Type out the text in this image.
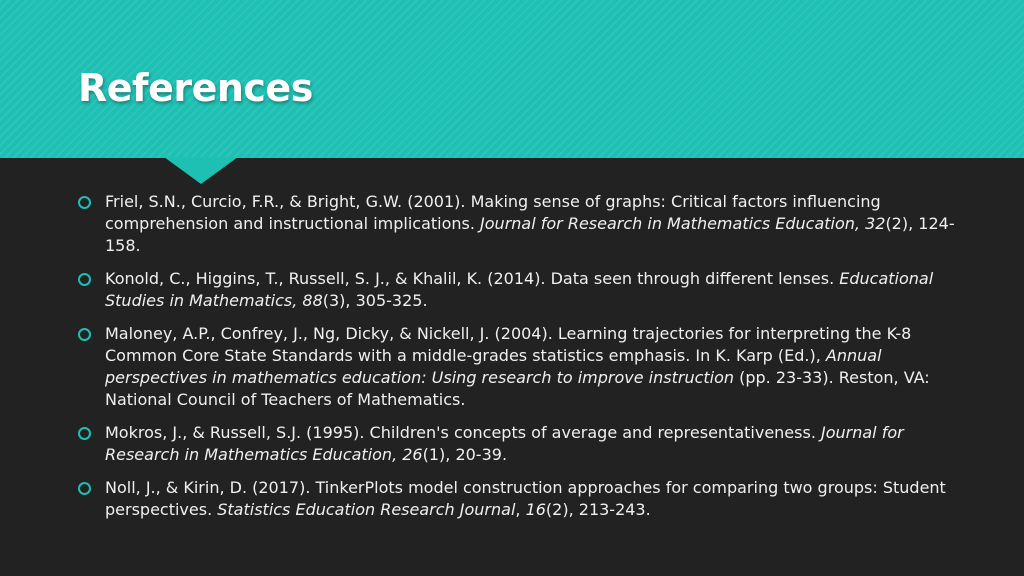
References
Friel, S.N., Curcio, F.R., & Bright, G.W. (2001). Making sense of graphs: Critical factors influencing comprehension and instructional implications. Journal for Research in Mathematics Education, 32(2), 124-158.
Konold, C., Higgins, T., Russell, S. J., & Khalil, K. (2014). Data seen through different lenses. Educational Studies in Mathematics, 88(3), 305-325.
Maloney, A.P., Confrey, J., Ng, Dicky, & Nickell, J. (2004). Learning trajectories for interpreting the K-8 Common Core State Standards with a middle-grades statistics emphasis. In K. Karp (Ed.), Annual perspectives in mathematics education: Using research to improve instruction (pp. 23-33). Reston, VA: National Council of Teachers of Mathematics.
Mokros, J., & Russell, S.J. (1995). Children's concepts of average and representativeness. Journal for Research in Mathematics Education, 26(1), 20-39.
Noll, J., & Kirin, D. (2017). TinkerPlots model construction approaches for comparing two groups: Student perspectives. Statistics Education Research Journal, 16(2), 213-243.
